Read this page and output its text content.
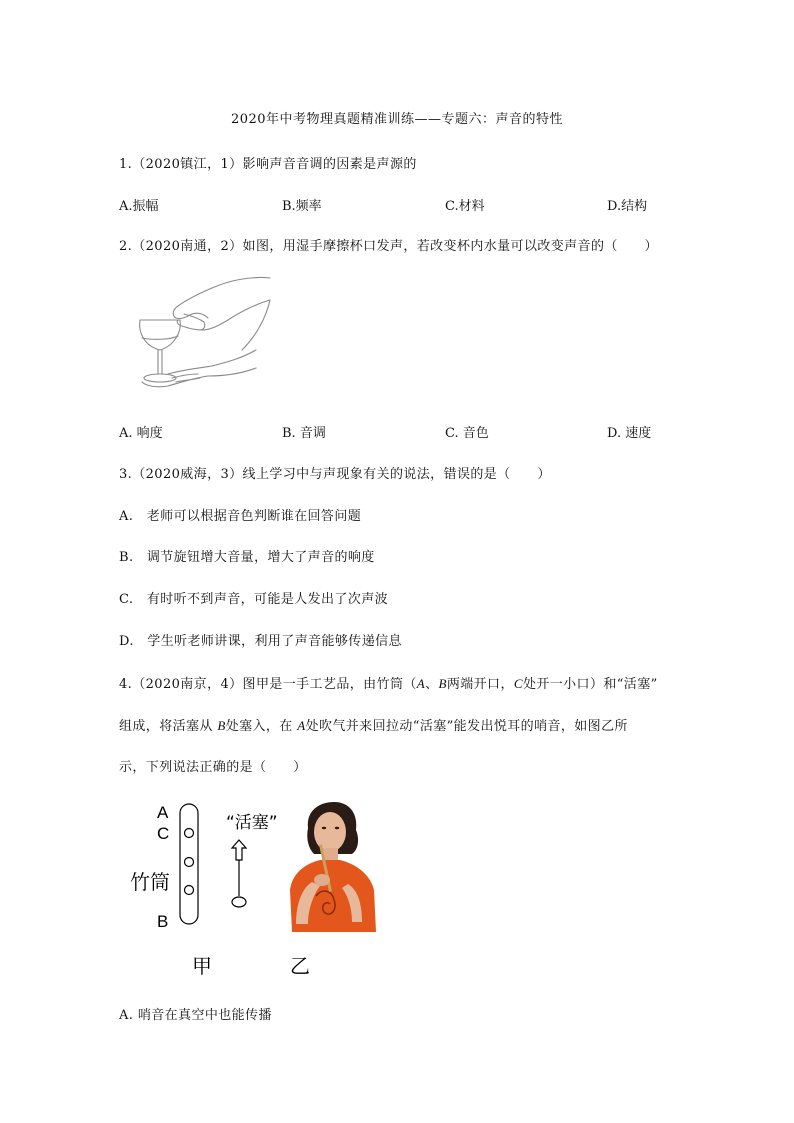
2020年中考物理真题精准训练——专题六：声音的特性
1.（2020镇江，1）影响声音音调的因素是声源的
A.振幅	B.频率	C.材料	D.结构
2.（2020南通，2）如图，用湿手摩擦杯口发声，若改变杯内水量可以改变声音的（　　）
A. 响度	B. 音调	C. 音色	D. 速度
3.（2020威海，3）线上学习中与声现象有关的说法，错误的是（　　）
A.　老师可以根据音色判断谁在回答问题
B.　调节旋钮增大音量，增大了声音的响度
C.　有时听不到声音，可能是人发出了次声波
D.　学生听老师讲课，利用了声音能够传递信息
4.（2020南京，4）图甲是一手工艺品，由竹筒（A、B两端开口，C处开一小口）和“活塞”
组成，将活塞从 B处塞入，在 A处吹气并来回拉动“活塞”能发出悦耳的哨音，如图乙所
示，下列说法正确的是（　　）
A
C
竹筒
B
“活塞”
甲	乙
A. 哨音在真空中也能传播
